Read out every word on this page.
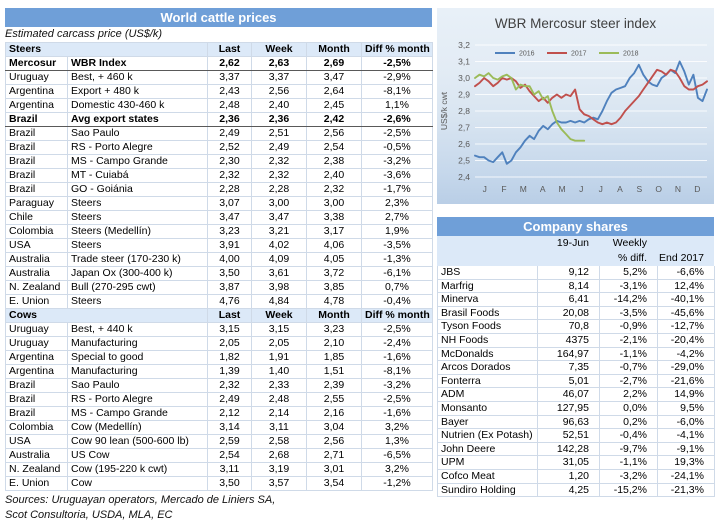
World cattle prices
Estimated carcass price (US$/k)
Steers		Last	Week	Month	Diff % month
Mercosur	WBR Index	2,62	2,63	2,69	-2,5%
Uruguay	Best, + 460 k	3,37	3,37	3,47	-2,9%
Argentina	Export + 480 k	2,43	2,56	2,64	-8,1%
Argentina	Domestic 430-460 k	2,48	2,40	2,45	1,1%
Brazil	Avg export states	2,36	2,36	2,42	-2,6%
Brazil	Sao Paulo	2,49	2,51	2,56	-2,5%
Brazil	RS - Porto Alegre	2,52	2,49	2,54	-0,5%
Brazil	MS - Campo Grande	2,30	2,32	2,38	-3,2%
Brazil	MT - Cuiabá	2,32	2,32	2,40	-3,6%
Brazil	GO - Goiánia	2,28	2,28	2,32	-1,7%
Paraguay	Steers	3,07	3,00	3,00	2,3%
Chile	Steers	3,47	3,47	3,38	2,7%
Colombia	Steers (Medellín)	3,23	3,21	3,17	1,9%
USA	Steers	3,91	4,02	4,06	-3,5%
Australia	Trade steer (170-230 k)	4,00	4,09	4,05	-1,3%
Australia	Japan Ox (300-400 k)	3,50	3,61	3,72	-6,1%
N. Zealand	Bull (270-295 cwt)	3,87	3,98	3,85	0,7%
E. Union	Steers	4,76	4,84	4,78	-0,4%
Cows		Last	Week	Month	Diff % month
Uruguay	Best, + 440 k	3,15	3,15	3,23	-2,5%
Uruguay	Manufacturing	2,05	2,05	2,10	-2,4%
Argentina	Special to good	1,82	1,91	1,85	-1,6%
Argentina	Manufacturing	1,39	1,40	1,51	-8,1%
Brazil	Sao Paulo	2,32	2,33	2,39	-3,2%
Brazil	RS - Porto Alegre	2,49	2,48	2,55	-2,5%
Brazil	MS - Campo Grande	2,12	2,14	2,16	-1,6%
Colombia	Cow (Medellín)	3,14	3,11	3,04	3,2%
USA	Cow 90 lean (500-600 lb)	2,59	2,58	2,56	1,3%
Australia	US Cow	2,54	2,68	2,71	-6,5%
N. Zealand	Cow (195-220 k cwt)	3,11	3,19	3,01	3,2%
E. Union	Cow	3,50	3,57	3,54	-1,2%
Sources: Uruguayan operators, Mercado de Liniers SA,
Scot Consultoria, USDA, MLA, EC
WBR Mercosur steer index
3,2
3,1
3,0
2,9
2,8
2,7
2,6
2,5
2,4
J F M A M J J A S O N D
US$/k cwt
2016	2017	2018
Company shares
19-Jun	Weekly
% diff.
End 2017
JBS	9,12	5,2%	-6,6%
Marfrig	8,14	-3,1%	12,4%
Minerva	6,41	-14,2%	-40,1%
Brasil Foods	20,08	-3,5%	-45,6%
Tyson Foods	70,8	-0,9%	-12,7%
NH Foods	4375	-2,1%	-20,4%
McDonalds	164,97	-1,1%	-4,2%
Arcos Dorados	7,35	-0,7%	-29,0%
Fonterra	5,01	-2,7%	-21,6%
ADM	46,07	2,2%	14,9%
Monsanto	127,95	0,0%	9,5%
Bayer	96,63	0,2%	-6,0%
Nutrien (Ex Potash)	52,51	-0,4%	-4,1%
John Deere	142,28	-9,7%	-9,1%
UPM	31,05	-1,1%	19,3%
Cofco Meat	1,20	-3,2%	-24,1%
Sundiro Holding	4,25	-15,2%	-21,3%
